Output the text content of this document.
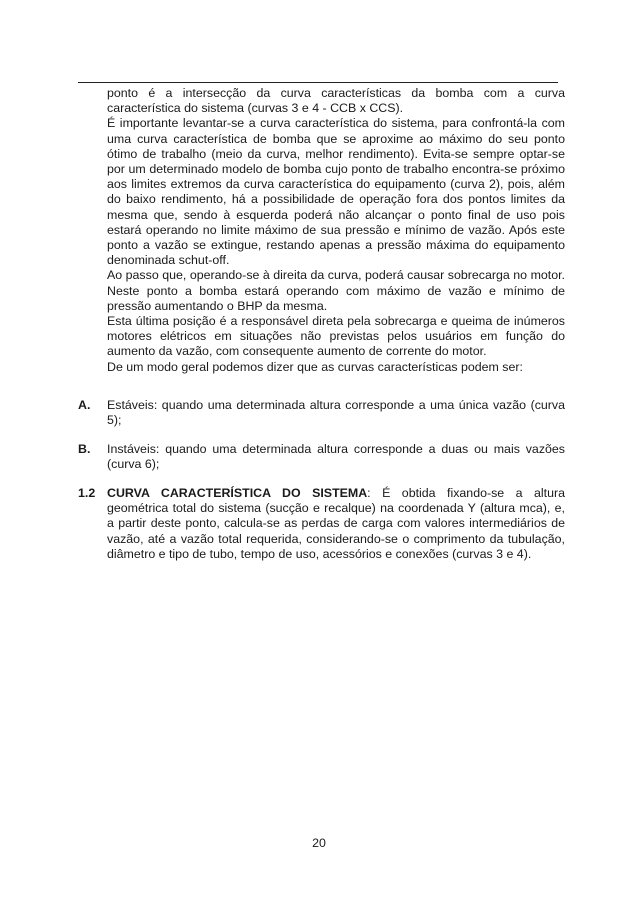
ponto é a intersecção da curva características da bomba com a curva característica do sistema (curvas 3 e 4 - CCB x CCS).

É importante levantar-se a curva característica do sistema, para confrontá-la com uma curva característica de bomba que se aproxime ao máximo do seu ponto ótimo de trabalho (meio da curva, melhor rendimento). Evita-se sempre optar-se por um determinado modelo de bomba cujo ponto de trabalho encontra-se próximo aos limites extremos da curva característica do equipamento (curva 2), pois, além do baixo rendimento, há a possibilidade de operação fora dos pontos limites da mesma que, sendo à esquerda poderá não alcançar o ponto final de uso pois estará operando no limite máximo de sua pressão e mínimo de vazão. Após este ponto a vazão se extingue, restando apenas a pressão máxima do equipamento denominada schut-off.

Ao passo que, operando-se à direita da curva, poderá causar sobrecarga no motor. Neste ponto a bomba estará operando com máximo de vazão e mínimo de pressão aumentando o BHP da mesma.

Esta última posição é a responsável direta pela sobrecarga e queima de inúmeros motores elétricos em situações não previstas pelos usuários em função do aumento da vazão, com consequente aumento de corrente do motor.

De um modo geral podemos dizer que as curvas características podem ser:

A. Estáveis: quando uma determinada altura corresponde a uma única vazão (curva 5);
B. Instáveis: quando uma determinada altura corresponde a duas ou mais vazões (curva 6);
1.2 CURVA CARACTERÍSTICA DO SISTEMA: É obtida fixando-se a altura geométrica total do sistema (sucção e recalque) na coordenada Y (altura mca), e, a partir deste ponto, calcula-se as perdas de carga com valores intermediários de vazão, até a vazão total requerida, considerando-se o comprimento da tubulação, diâmetro e tipo de tubo, tempo de uso, acessórios e conexões (curvas 3 e 4).
20
